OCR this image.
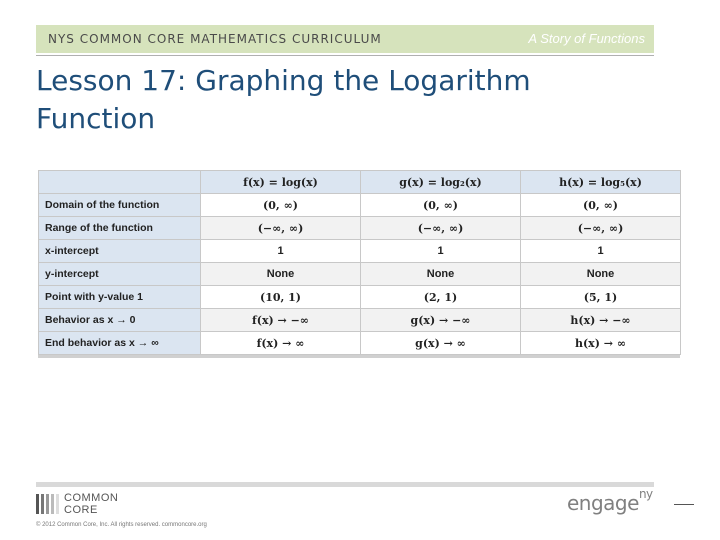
NYS COMMON CORE MATHEMATICS CURRICULUM	A Story of Functions
Lesson 17: Graphing the Logarithm Function
	f(x) = log(x)	g(x) = log₂(x)	h(x) = log₅(x)
Domain of the function	(0, ∞)	(0, ∞)	(0, ∞)
Range of the function	(−∞, ∞)	(−∞, ∞)	(−∞, ∞)
x-intercept	1	1	1
y-intercept	None	None	None
Point with y-value 1	(10, 1)	(2, 1)	(5, 1)
Behavior as x → 0	f(x) → −∞	g(x) → −∞	h(x) → −∞
End behavior as x → ∞	f(x) → ∞	g(x) → ∞	h(x) → ∞
COMMON
CORE
© 2012 Common Core, Inc. All rights reserved. commoncore.org
engage$^{ny}$
